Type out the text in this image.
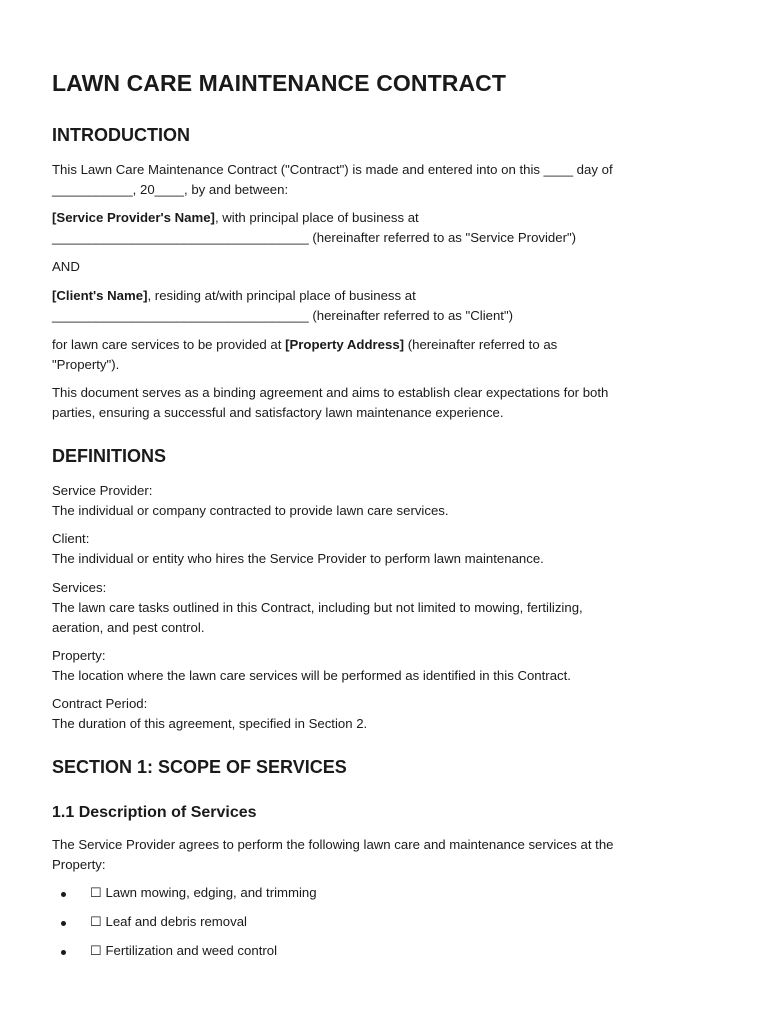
LAWN CARE MAINTENANCE CONTRACT
INTRODUCTION
This Lawn Care Maintenance Contract ("Contract") is made and entered into on this ____ day of
___________, 20____, by and between:
[Service Provider's Name], with principal place of business at
___________________________________ (hereinafter referred to as "Service Provider")
AND
[Client's Name], residing at/with principal place of business at
___________________________________ (hereinafter referred to as "Client")
for lawn care services to be provided at [Property Address] (hereinafter referred to as
"Property").
This document serves as a binding agreement and aims to establish clear expectations for both
parties, ensuring a successful and satisfactory lawn maintenance experience.
DEFINITIONS
Service Provider:
The individual or company contracted to provide lawn care services.
Client:
The individual or entity who hires the Service Provider to perform lawn maintenance.
Services:
The lawn care tasks outlined in this Contract, including but not limited to mowing, fertilizing,
aeration, and pest control.
Property:
The location where the lawn care services will be performed as identified in this Contract.
Contract Period:
The duration of this agreement, specified in Section 2.
SECTION 1: SCOPE OF SERVICES
1.1 Description of Services
The Service Provider agrees to perform the following lawn care and maintenance services at the
Property:
☐ Lawn mowing, edging, and trimming
☐ Leaf and debris removal
☐ Fertilization and weed control
